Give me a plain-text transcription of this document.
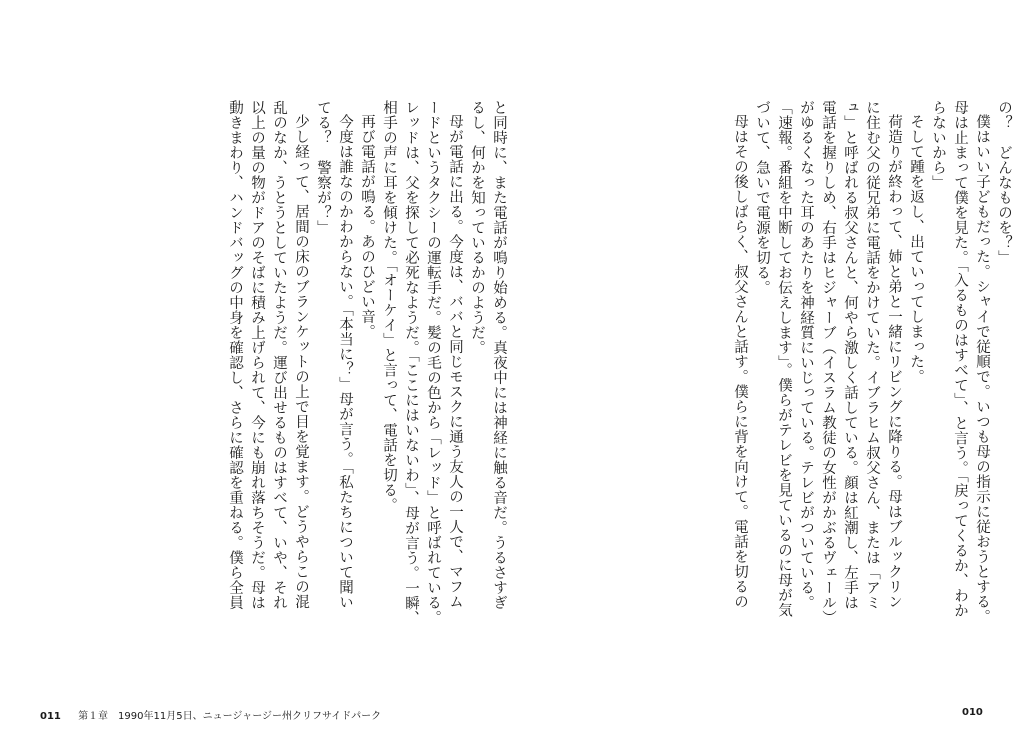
の？　どんなものを？」
僕はいい子どもだった。シャイで従順で。いつも母の指示に従おうとする。
母は止まって僕を見た。「入るものはすべて」、と言う。「戻ってくるか、わか
らないから」
そして踵を返し、出ていってしまった。
荷造りが終わって、姉と弟と一緒にリビングに降りる。母はブルックリン
に住む父の従兄弟に電話をかけていた。イブラヒム叔父さん、または「アミ
ュ」と呼ばれる叔父さんと、何やら激しく話している。顔は紅潮し、左手は
電話を握りしめ、右手はヒジャーブ（イスラム教徒の女性がかぶるヴェール）
がゆるくなった耳のあたりを神経質にいじっている。テレビがついている。
「速報。番組を中断してお伝えします」。僕らがテレビを見ているのに母が気
づいて、急いで電源を切る。
母はその後しばらく、叔父さんと話す。僕らに背を向けて。電話を切るの
と同時に、また電話が鳴り始める。真夜中には神経に触る音だ。うるさすぎ
るし、何かを知っているかのようだ。
母が電話に出る。今度は、ババと同じモスクに通う友人の一人で、マフム
ードというタクシーの運転手だ。髪の毛の色から「レッド」と呼ばれている。
レッドは、父を探して必死なようだ。「ここにはいないわ」、母が言う。一瞬、
相手の声に耳を傾けた。「オーケイ」と言って、電話を切る。
再び電話が鳴る。あのひどい音。
今度は誰なのかわからない。「本当に？」母が言う。「私たちについて聞い
てる？　警察が？」
少し経って、居間の床のブランケットの上で目を覚ます。どうやらこの混
乱のなか、うとうとしていたようだ。運び出せるものはすべて、いや、それ
以上の量の物がドアのそばに積み上げられて、今にも崩れ落ちそうだ。母は
動きまわり、ハンドバッグの中身を確認し、さらに確認を重ねる。僕ら全員
011 第１章　1990年11月5日、ニュージャージー州クリフサイドパーク	010
